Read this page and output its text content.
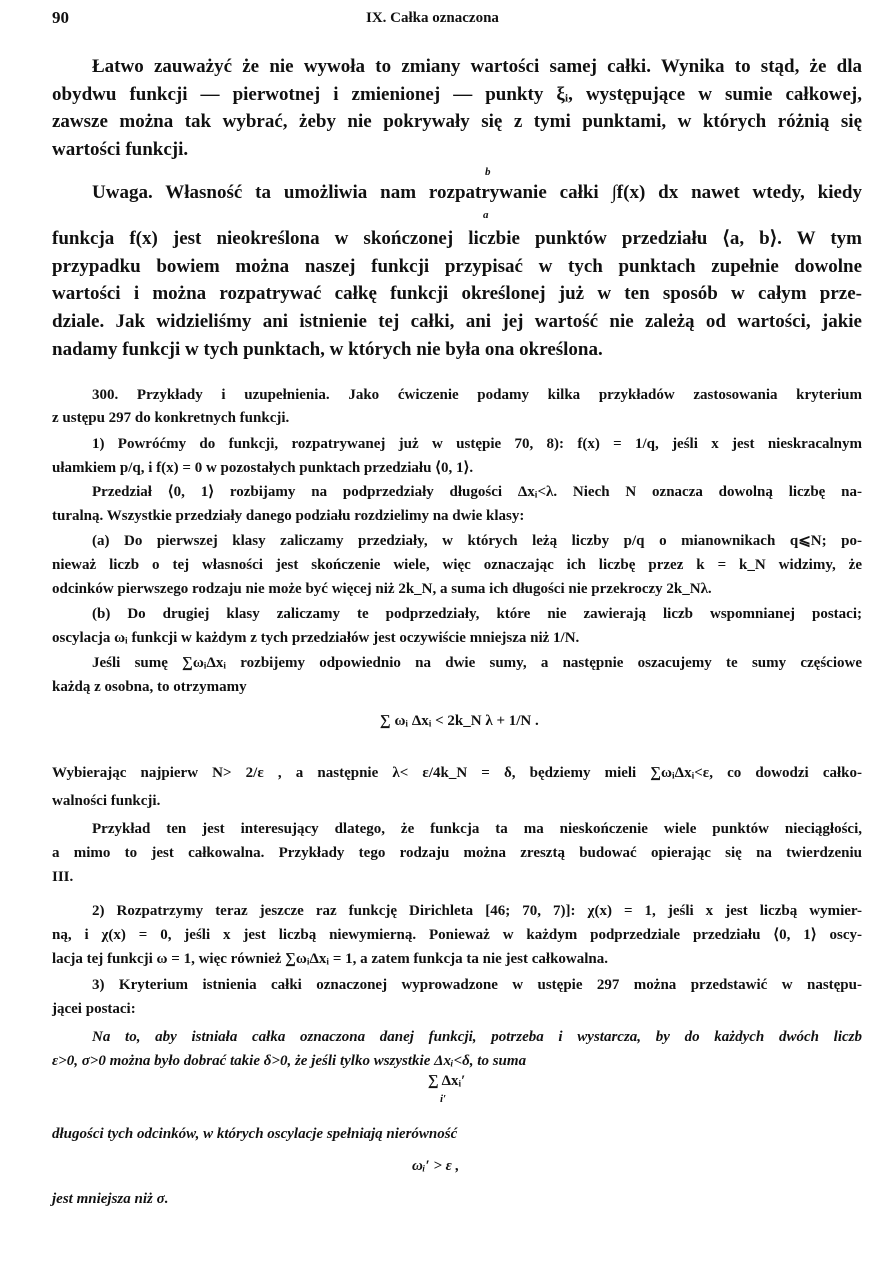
90	IX. Całka oznaczona
b
a
i′
Łatwo zauważyć że nie wywoła to zmiany wartości samej całki. Wynika to stąd, że dla
obydwu funkcji — pierwotnej i zmienionej — punkty ξᵢ, występujące w sumie całkowej,
zawsze można tak wybrać, żeby nie pokrywały się z tymi punktami, w których różnią się
wartości funkcji.
Uwaga. Własność ta umożliwia nam rozpatrywanie całki ∫f(x) dx nawet wtedy, kiedy
funkcja f(x) jest nieokreślona w skończonej liczbie punktów przedziału ⟨a, b⟩. W tym
przypadku bowiem można naszej funkcji przypisać w tych punktach zupełnie dowolne
wartości i można rozpatrywać całkę funkcji określonej już w ten sposób w całym prze-
dziale. Jak widzieliśmy ani istnienie tej całki, ani jej wartość nie zależą od wartości, jakie
nadamy funkcji w tych punktach, w których nie była ona określona.
300. Przykłady i uzupełnienia. Jako ćwiczenie podamy kilka przykładów zastosowania kryterium
z ustępu 297 do konkretnych funkcji.
1) Powróćmy do funkcji, rozpatrywanej już w ustępie 70, 8): f(x) = 1/q, jeśli x jest nieskracalnym
ułamkiem p/q, i f(x) = 0 w pozostałych punktach przedziału ⟨0, 1⟩.
Przedział ⟨0, 1⟩ rozbijamy na podprzedziały długości Δxᵢ<λ. Niech N oznacza dowolną liczbę na-
turalną. Wszystkie przedziały danego podziału rozdzielimy na dwie klasy:
(a) Do pierwszej klasy zaliczamy przedziały, w których leżą liczby p/q o mianownikach q⩽N; po-
nieważ liczb o tej własności jest skończenie wiele, więc oznaczając ich liczbę przez k = k_N widzimy, że
odcinków pierwszego rodzaju nie może być więcej niż 2k_N, a suma ich długości nie przekroczy 2k_Nλ.
(b) Do drugiej klasy zaliczamy te podprzedziały, które nie zawierają liczb wspomnianej postaci;
oscylacja ωᵢ funkcji w każdym z tych przedziałów jest oczywiście mniejsza niż 1/N.
Jeśli sumę ∑ωᵢΔxᵢ rozbijemy odpowiednio na dwie sumy, a następnie oszacujemy te sumy częściowe
każdą z osobna, to otrzymamy
∑ ωᵢ Δxᵢ < 2k_N λ + 1/N .
Wybierając najpierw N> 2/ε , a następnie λ< ε/4k_N = δ, będziemy mieli ∑ωᵢΔxᵢ<ε, co dowodzi całko-
walności funkcji.
Przykład ten jest interesujący dlatego, że funkcja ta ma nieskończenie wiele punktów nieciągłości,
a mimo to jest całkowalna. Przykłady tego rodzaju można zresztą budować opierając się na twierdzeniu
III.
2) Rozpatrzymy teraz jeszcze raz funkcję Dirichleta [46; 70, 7)]: χ(x) = 1, jeśli x jest liczbą wymier-
ną, i χ(x) = 0, jeśli x jest liczbą niewymierną. Ponieważ w każdym podprzedziale przedziału ⟨0, 1⟩ oscy-
lacja tej funkcji ω = 1, więc również ∑ωᵢΔxᵢ = 1, a zatem funkcja ta nie jest całkowalna.
3) Kryterium istnienia całki oznaczonej wyprowadzone w ustępie 297 można przedstawić w następu-
jącei postaci:
Na to, aby istniała całka oznaczona danej funkcji, potrzeba i wystarcza, by do każdych dwóch liczb
ε>0, σ>0 można było dobrać takie δ>0, że jeśli tylko wszystkie Δxᵢ<δ, to suma
∑ Δxᵢ′
długości tych odcinków, w których oscylacje spełniają nierówność
ωᵢ′ > ε ,
jest mniejsza niż σ.
